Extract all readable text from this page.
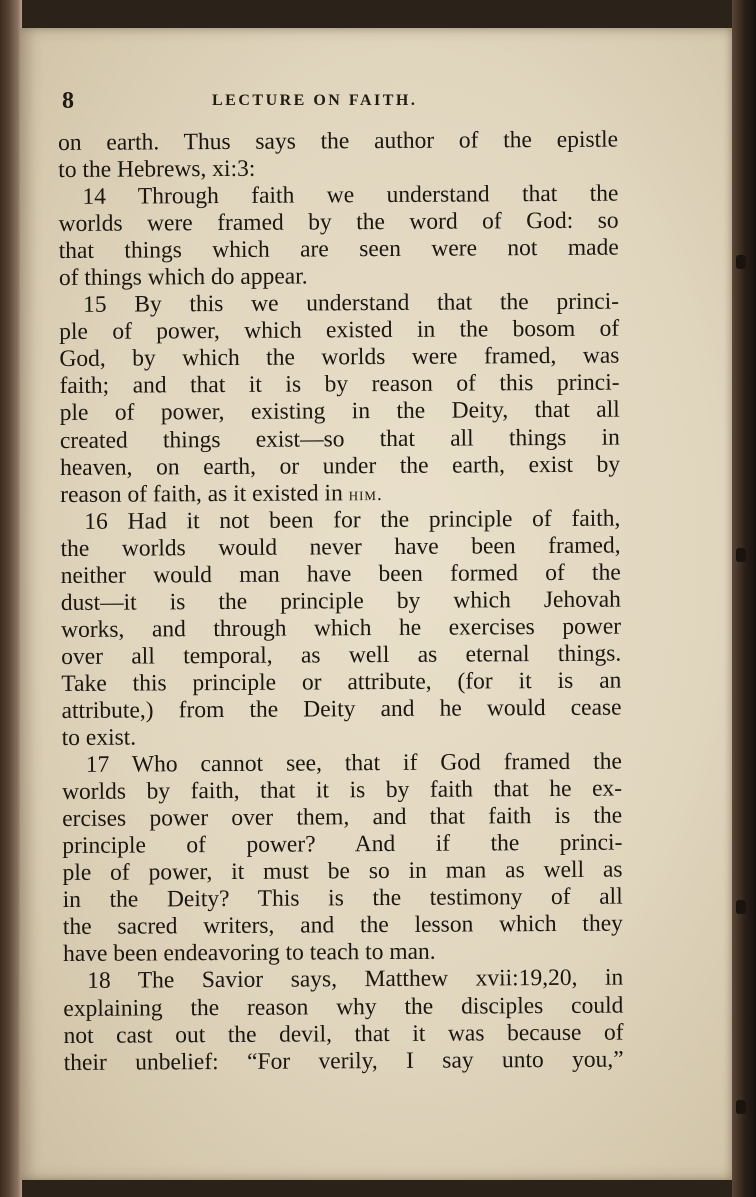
8	LECTURE ON FAITH.
on earth. Thus says the author of the epistle
to the Hebrews, xi:3:
14 Through faith we understand that the
worlds were framed by the word of God: so
that things which are seen were not made
of things which do appear.
15 By this we understand that the princi-
ple of power, which existed in the bosom of
God, by which the worlds were framed, was
faith; and that it is by reason of this princi-
ple of power, existing in the Deity, that all
created things exist—so that all things in
heaven, on earth, or under the earth, exist by
reason of faith, as it existed in him.
16 Had it not been for the principle of faith,
the worlds would never have been framed,
neither would man have been formed of the
dust—it is the principle by which Jehovah
works, and through which he exercises power
over all temporal, as well as eternal things.
Take this principle or attribute, (for it is an
attribute,) from the Deity and he would cease
to exist.
17 Who cannot see, that if God framed the
worlds by faith, that it is by faith that he ex-
ercises power over them, and that faith is the
principle of power? And if the princi-
ple of power, it must be so in man as well as
in the Deity? This is the testimony of all
the sacred writers, and the lesson which they
have been endeavoring to teach to man.
18 The Savior says, Matthew xvii:19,20, in
explaining the reason why the disciples could
not cast out the devil, that it was because of
their unbelief: “For verily, I say unto you,”
